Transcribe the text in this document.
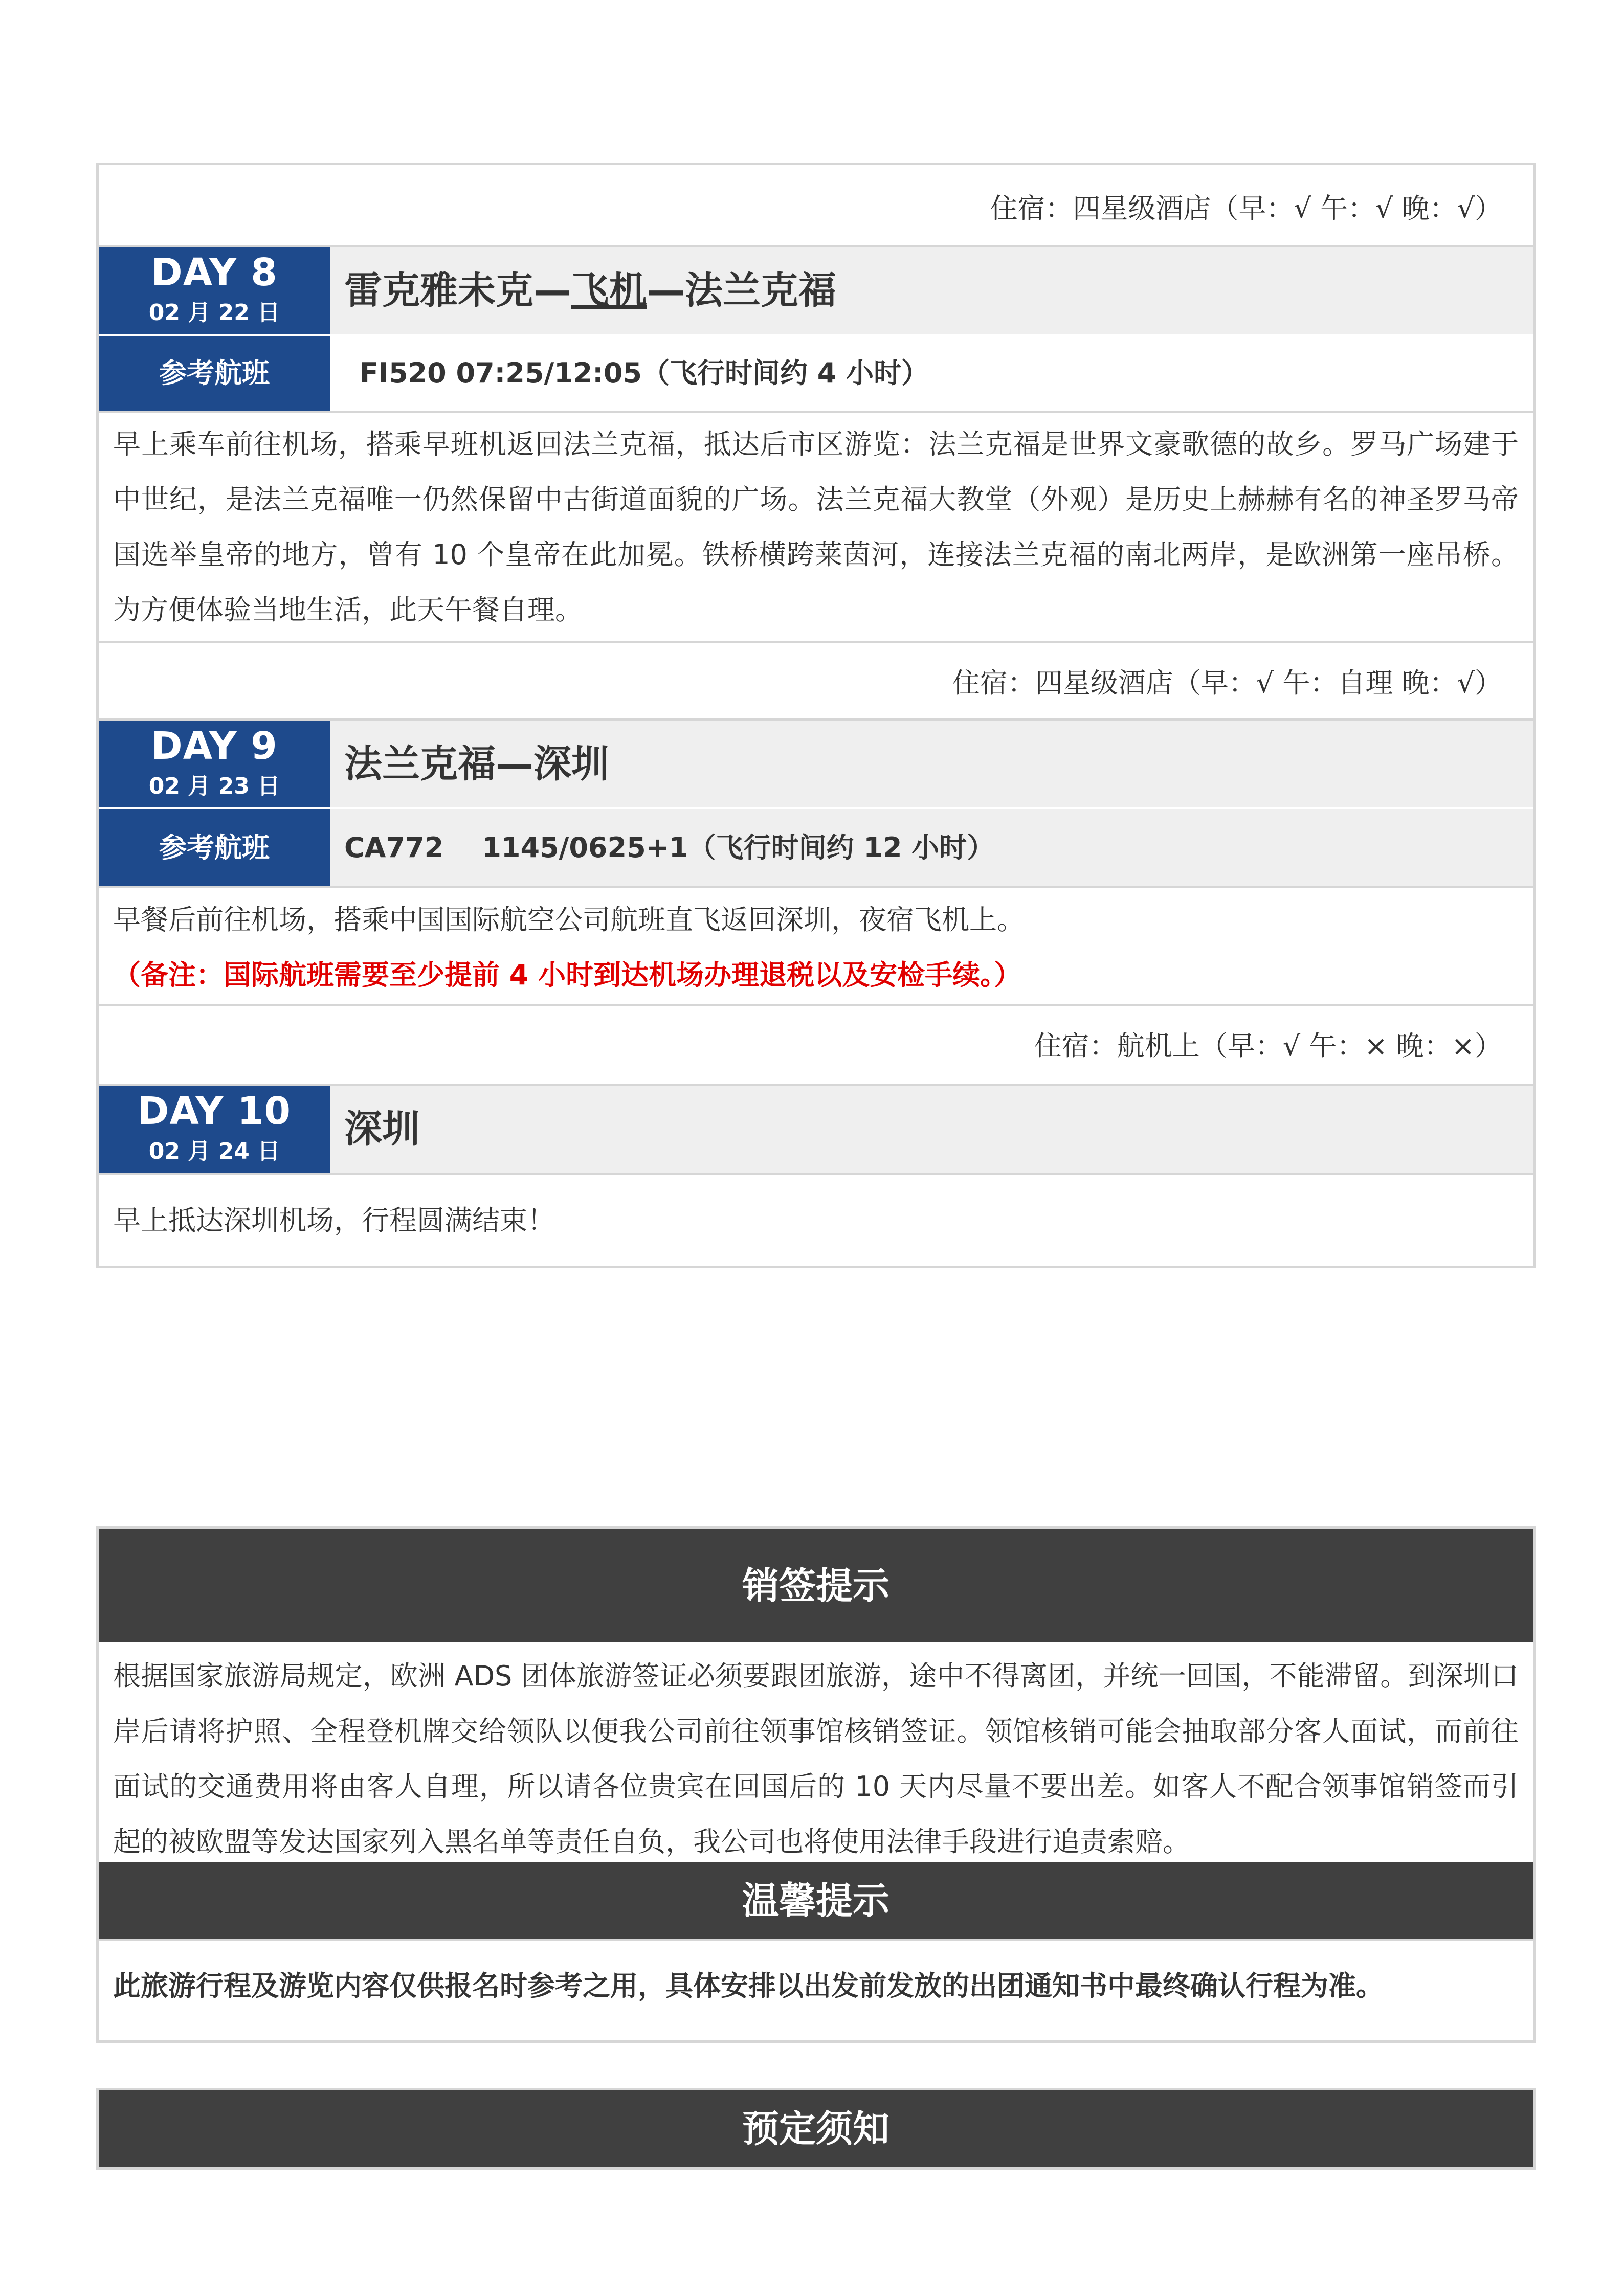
住宿：四星级酒店（早：√ 午：√ 晚：√）
DAY 8
02 月 22 日
雷克雅未克—飞机—法兰克福
参考航班	FI520 07:25/12:05（飞行时间约 4 小时）
早上乘车前往机场，搭乘早班机返回法兰克福，抵达后市区游览：法兰克福是世界文豪歌德的故乡。罗马广场建于中世纪，是法兰克福唯一仍然保留中古街道面貌的广场。法兰克福大教堂（外观）是历史上赫赫有名的神圣罗马帝国选举皇帝的地方，曾有 10 个皇帝在此加冕。铁桥横跨莱茵河，连接法兰克福的南北两岸，是欧洲第一座吊桥。为方便体验当地生活，此天午餐自理。
住宿：四星级酒店（早：√ 午：自理 晚：√）
DAY 9
02 月 23 日
法兰克福—深圳
参考航班	CA772    1145/0625+1（飞行时间约 12 小时）
早餐后前往机场，搭乘中国国际航空公司航班直飞返回深圳，夜宿飞机上。
（备注：国际航班需要至少提前 4 小时到达机场办理退税以及安检手续。）
住宿：航机上（早：√ 午：× 晚：×）
DAY 10
02 月 24 日
深圳
早上抵达深圳机场，行程圆满结束！
销签提示
根据国家旅游局规定，欧洲 ADS 团体旅游签证必须要跟团旅游，途中不得离团，并统一回国，不能滞留。到深圳口岸后请将护照、全程登机牌交给领队以便我公司前往领事馆核销签证。领馆核销可能会抽取部分客人面试，而前往面试的交通费用将由客人自理，所以请各位贵宾在回国后的 10 天内尽量不要出差。如客人不配合领事馆销签而引起的被欧盟等发达国家列入黑名单等责任自负，我公司也将使用法律手段进行追责索赔。
温馨提示
此旅游行程及游览内容仅供报名时参考之用，具体安排以出发前发放的出团通知书中最终确认行程为准。
预定须知
